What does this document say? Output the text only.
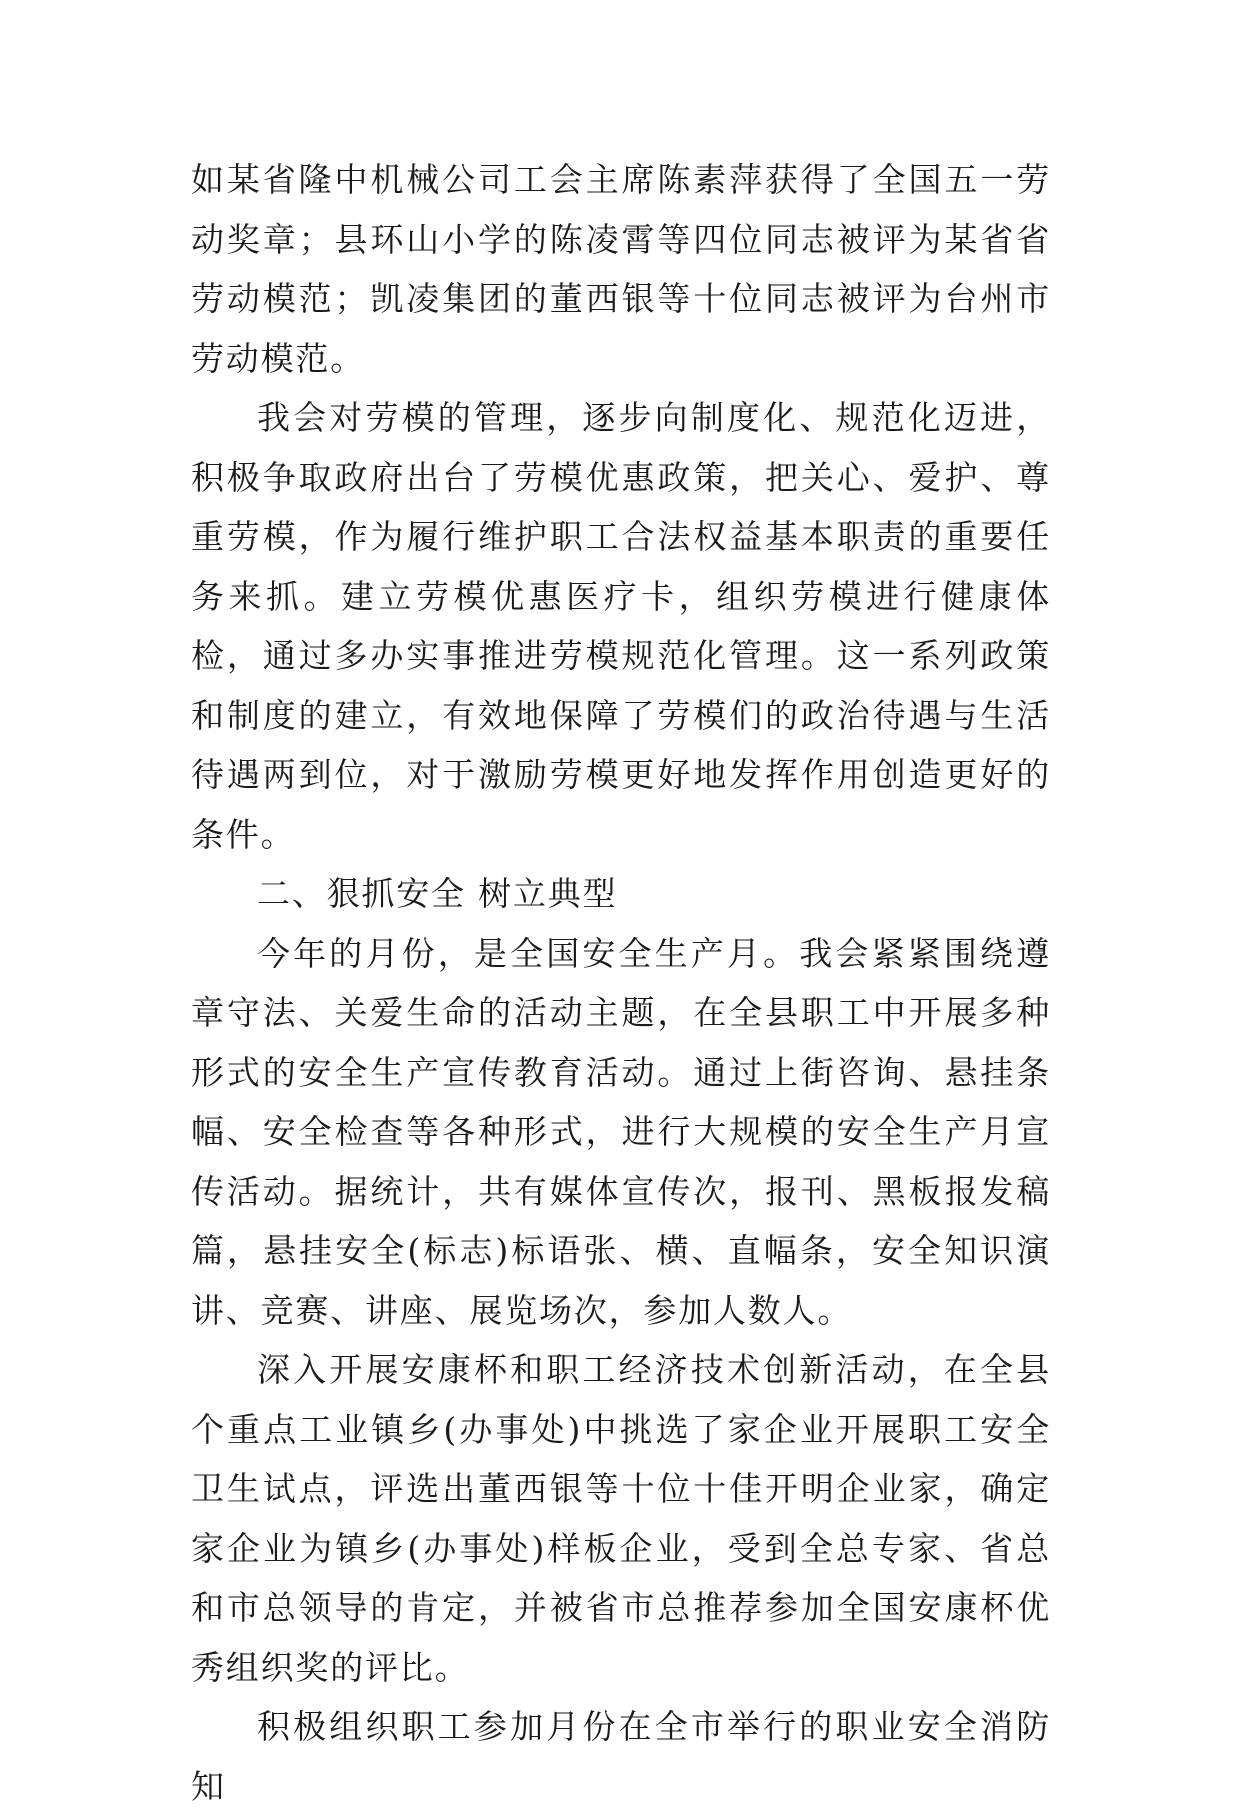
如某省隆中机械公司工会主席陈素萍获得了全国五一劳动奖章；县环山小学的陈凌霄等四位同志被评为某省省劳动模范；凯凌集团的董西银等十位同志被评为台州市劳动模范。

我会对劳模的管理，逐步向制度化、规范化迈进，积极争取政府出台了劳模优惠政策，把关心、爱护、尊重劳模，作为履行维护职工合法权益基本职责的重要任务来抓。建立劳模优惠医疗卡，组织劳模进行健康体检，通过多办实事推进劳模规范化管理。这一系列政策和制度的建立，有效地保障了劳模们的政治待遇与生活待遇两到位，对于激励劳模更好地发挥作用创造更好的条件。

二、狠抓安全 树立典型

今年的月份，是全国安全生产月。我会紧紧围绕遵章守法、关爱生命的活动主题，在全县职工中开展多种形式的安全生产宣传教育活动。通过上街咨询、悬挂条幅、安全检查等各种形式，进行大规模的安全生产月宣传活动。据统计，共有媒体宣传次，报刊、黑板报发稿篇，悬挂安全(标志)标语张、横、直幅条，安全知识演讲、竞赛、讲座、展览场次，参加人数人。

深入开展安康杯和职工经济技术创新活动，在全县个重点工业镇乡(办事处)中挑选了家企业开展职工安全卫生试点，评选出董西银等十位十佳开明企业家，确定家企业为镇乡(办事处)样板企业，受到全总专家、省总和市总领导的肯定，并被省市总推荐参加全国安康杯优秀组织奖的评比。

积极组织职工参加月份在全市举行的职业安全消防知
